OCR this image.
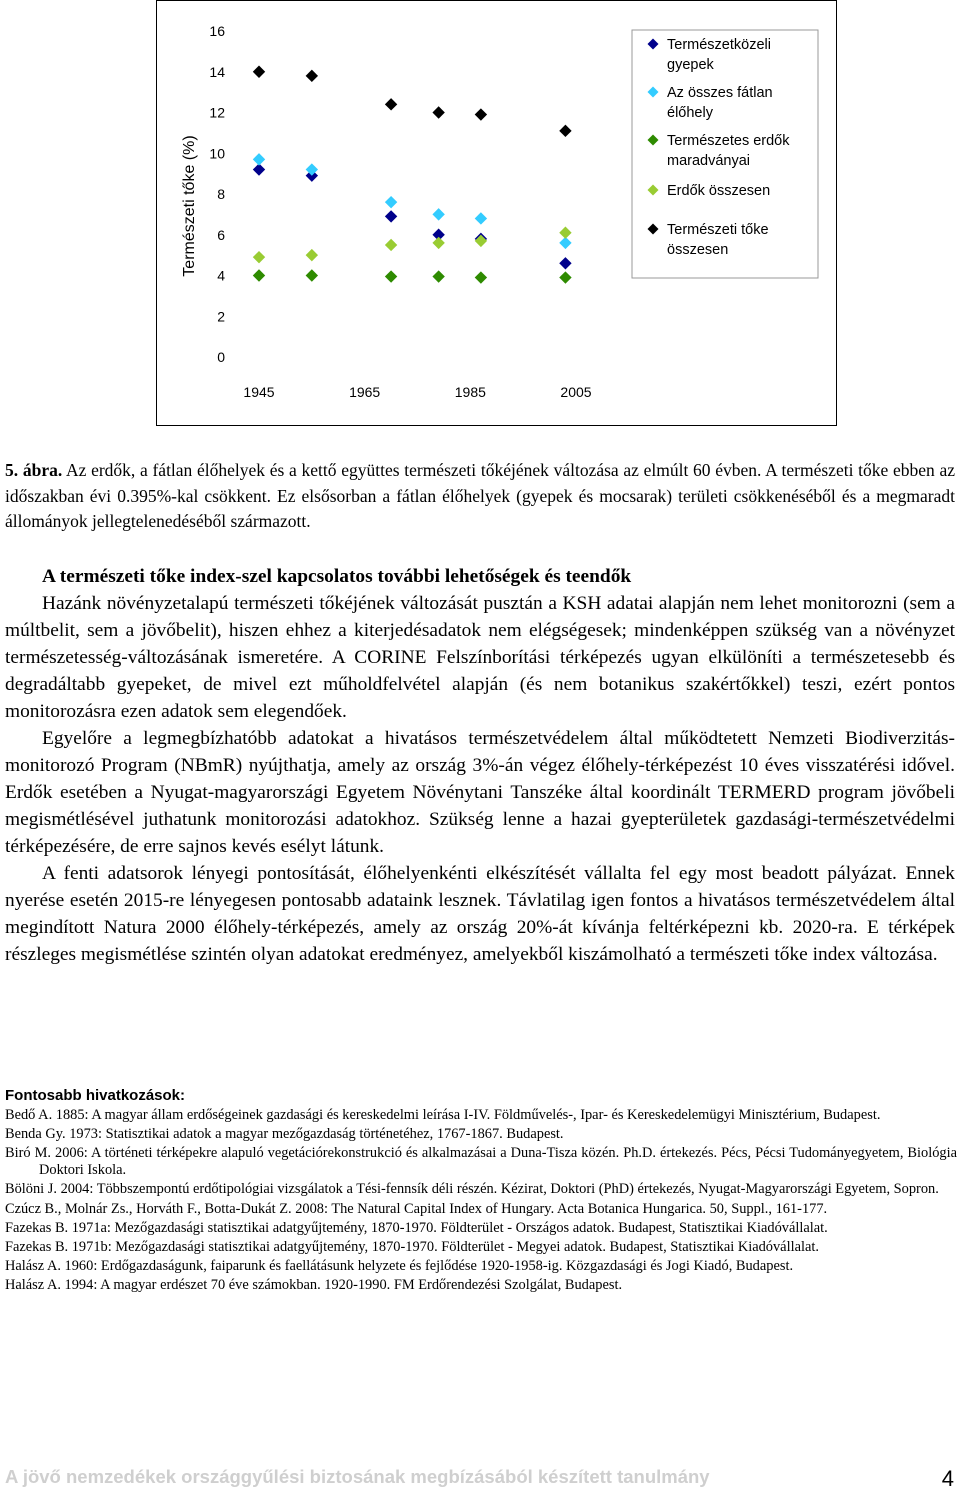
Természeti tőke (%)
0
2
4
6
8
10
12
14
16
1945	1965	1985	2005
Természetközeli gyepek
Az összes fátlan élőhely
Természetes erdők maradványai
Erdők összesen
Természeti tőke összesen
5. ábra. Az erdők, a fátlan élőhelyek és a kettő együttes természeti tőkéjének változása az elmúlt 60 évben. A természeti tőke ebben az időszakban évi 0.395%-kal csökkent. Ez elsősorban a fátlan élőhelyek (gyepek és mocsarak) területi csökkenéséből és a megmaradt állományok jellegtelenedéséből származott.
A természeti tőke index-szel kapcsolatos további lehetőségek és teendők

Hazánk növényzetalapú természeti tőkéjének változását pusztán a KSH adatai alapján nem lehet monitorozni (sem a múltbelit, sem a jövőbelit), hiszen ehhez a kiterjedésadatok nem elégségesek; mindenképpen szükség van a növényzet természetesség-változásának ismeretére. A CORINE Felszínborítási térképezés ugyan elkülöníti a természetesebb és degradáltabb gyepeket, de mivel ezt műholdfelvétel alapján (és nem botanikus szakértőkkel) teszi, ezért pontos monitorozásra ezen adatok sem elegendőek.

Egyelőre a legmegbízhatóbb adatokat a hivatásos természetvédelem által működtetett Nemzeti Biodiverzitás-monitorozó Program (NBmR) nyújthatja, amely az ország 3%-án végez élőhely-térképezést 10 éves visszatérési idővel. Erdők esetében a Nyugat-magyarországi Egyetem Növénytani Tanszéke által koordinált TERMERD program jövőbeli megismétlésével juthatunk monitorozási adatokhoz. Szükség lenne a hazai gyepterületek gazdasági-természetvédelmi térképezésére, de erre sajnos kevés esélyt látunk.

A fenti adatsorok lényegi pontosítását, élőhelyenkénti elkészítését vállalta fel egy most beadott pályázat. Ennek nyerése esetén 2015-re lényegesen pontosabb adataink lesznek. Távlatilag igen fontos a hivatásos természetvédelem által megindított Natura 2000 élőhely-térképezés, amely az ország 20%-át kívánja feltérképezni kb. 2020-ra. E térképek részleges megismétlése szintén olyan adatokat eredményez, amelyekből kiszámolható a természeti tőke index változása.

Fontosabb hivatkozások:
Bedő A. 1885: A magyar állam erdőségeinek gazdasági és kereskedelmi leírása I-IV. Földművelés-, Ipar- és Kereskedelemügyi Minisztérium, Budapest.
Benda Gy. 1973: Statisztikai adatok a magyar mezőgazdaság történetéhez, 1767-1867. Budapest.
Biró M. 2006: A történeti térképekre alapuló vegetációrekonstrukció és alkalmazásai a Duna-Tisza közén. Ph.D. értekezés. Pécs, Pécsi Tudományegyetem, Biológia Doktori Iskola.
Bölöni J. 2004: Többszempontú erdőtipológiai vizsgálatok a Tési-fennsík déli részén. Kézirat, Doktori (PhD) értekezés, Nyugat-Magyarországi Egyetem, Sopron.
Czúcz B., Molnár Zs., Horváth F., Botta-Dukát Z. 2008: The Natural Capital Index of Hungary. Acta Botanica Hungarica. 50, Suppl., 161-177.
Fazekas B. 1971a: Mezőgazdasági statisztikai adatgyűjtemény, 1870-1970. Földterület - Országos adatok. Budapest, Statisztikai Kiadóvállalat.
Fazekas B. 1971b: Mezőgazdasági statisztikai adatgyűjtemény, 1870-1970. Földterület - Megyei adatok. Budapest, Statisztikai Kiadóvállalat.
Halász A. 1960: Erdőgazdaságunk, faiparunk és faellátásunk helyzete és fejlődése 1920-1958-ig. Közgazdasági és Jogi Kiadó, Budapest.
Halász A. 1994: A magyar erdészet 70 éve számokban. 1920-1990. FM Erdőrendezési Szolgálat, Budapest.
A jövő nemzedékek országgyűlési biztosának megbízásából készített tanulmány	4
